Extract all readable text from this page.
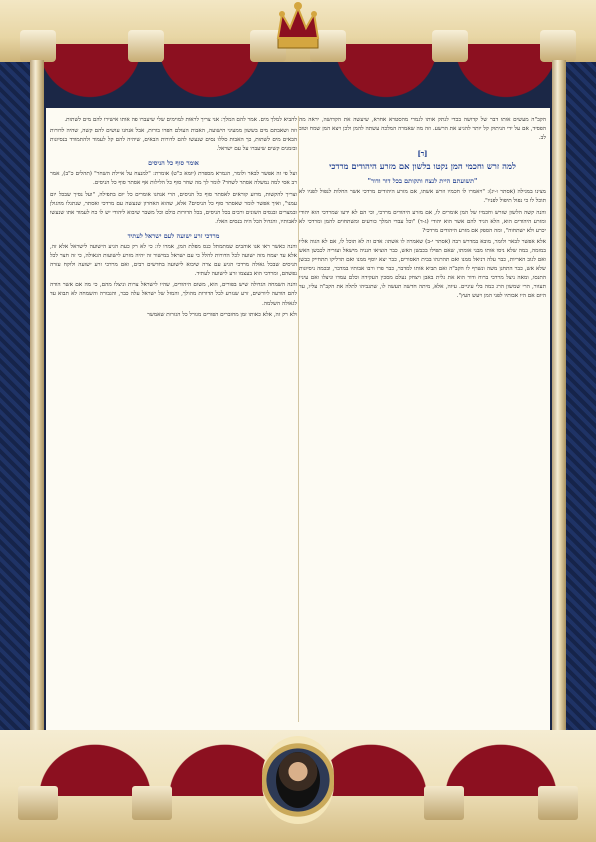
הקב"ה מעשים אותו דבר של קדושה בכדי לנתק אותו לגמרי מהסטרא אחרא, שיעשה את הקדושה, יראה מה הפסיד, אם על ידי הניתוק קל יותר להגיע את הרשע. וזה מה שאמרה המלכה עשתה להמן ולכן ויצא המן שמח וטוב לב.

[ד]
למה זרש וחכמי המן נקטו בלשון אם מזרע היהודים מרדכי
"תשועתם היית לנצח ותקותם בכל דור ודור"

מצינו במגילה (אסתר ו-יג): "ויאמרו לו חכמיו וזרש אשתו, אם מזרע היהודים מרדכי אשר החלות לנפול לפניו לא תוכל לו כי נפול תיפול לפניו".

והנה קשה הלשון שזרש וחכמיו של המן אומרים לו, אם מזרע היהודים מרדכי, וכי הם לא ידעו שמרדכי הוא יהודי ומזרע היהודים הוא, הלא הגיד להם אשר הוא יהודי (ג-ד) "וכל עבדי המלך כורעים ומשתחוים להמן ומרדכי לא יכרע ולא ישתחוה", ומה הספק אם מזרע היהודים מרדכי?

אלא אפשר לבאר ולומר, מובא במדרש רבה (אסתר י-ב) שאמרה לו אשתו: אדם זה לא תוכל לו, אם לא הגוה אליו במזמה, במה שלא ניסו אותו מבני אומתו, שאם תפילו בכבשן האש, כבר הוציאו חנניה מישאל ועזריה לכבשן האש ואם לגוב האריות, כבר עלה דניאל ממנו ואם תהרגהו בבית האסורים, כבר יצא יוסף ממנו ואם תדליקו תתחייק כבשן שלא אש, כבר התחנן משה ונשרף לו הקב"ה ואם תביא אותו למדבר, כבר פרו ורבו אבותיו במדבר, ובכמה ניסיונות התנסו, ומאה ניצל מרדכי ברוח ודור הוא את גלית באבן ויצחק נעלם מסכין העקידה וכלם עמדו וניצלו ואם עיניו תעוור, הרי שמשון הרג כמה בלי עיניים. עיזה, אלא, מיתה חדשה תעשה לו, שתגביהו לתלה את הקב"ה עליו, עד היום אם היו אבותיו לפני המן ויעש העץ".

להביא למלך מים. אמר להם המלך: אני צריך לראות למוימים שלי שיעברו פה אותו אישירו להם מים לשתות.

וזה ושאבתם מים בששון ממעיני הישועה, האבות העולם חפרו בורות, אבל אנחנו עושים להם קשה, שהיה לדורות הבאים מים לשתות, כך האבות סללו נסים שנעשו להם לדורות הבאים, שיהיה להם קל לעמוד ולהתמודד בנסיונות ובזמנים קשים שיעברו על עם ישראל.

אומר סוף כל הניסים

ועל פי זה אפשר לבאר ולומר, הגמרא מספרת (יומא כ"ט) אומרת: "למנצח על איילת השחר" (תהלים כ"ב), אמר רב אסי למה נמשלה אסתר לשחר? לומר לך מה שחר סוף כל הלילות אף אסתר סוף כל הניסים.

וצריך להקשות, מדוע קוראים לאסתר סוף כל הניסים, הרי אנחנו אומרים כל יום בתפילה, "ועל נסיך שבכל יום עמנו", ואיך אפשר לומר שאסתר סוף כל הניסים? אלא, שהוא האחרון שנעשה עם מרדכי ואסתר, שנתגלו מהגולן ובמצרים ובנסים השונים ורבים בכל הניסים, בכל הדורות כולם וכל משבר שיבוא ליהודי יש לו כח לעמוד אתו שנעשו לאבותיו, והגדול הכל היה בנסים האלו.

מרדכי זרע ישועה לעם ישראל לעתיד

והנה כאשר ראו אנו אוהבים שמתמתל כנס מפלת המן, אמרו לו: כי לא רק כעת הגיע הישועה לישראל אלא זה, אלא עד יצמח מזה ישועה לכל הדורות להלל כי עם ישראל במישור זה יהיה מזרע לישועות הגאולה, כי זה חצר לכל הניסים שבכל גאולה מרדכי הגיע עם צרה שיבוא לישועה בחדשים רבים, ואם מרדכי זרע ישועה ולוקח עזרה נפשהם, ומרדכי הוא בעצמו זרע לישועה לעתיד.

והנה השמחה הגדולה שיש בפורים, הוא, משום היהודים, שהיו לישראל צרות וניצלו מהם, כי מה אם אשר הודה להם הודעה ליורשים, זרע שנזרע לכל הדורות מהולך, והמזל של ישראל עלה כבר, והגבורה והשמחה לא תבוא עד לגאולה השלמה.

ולא רק זה, אלא כאותו זמן מחוברים הפורים מגורל כל הגזרות שאמשר
